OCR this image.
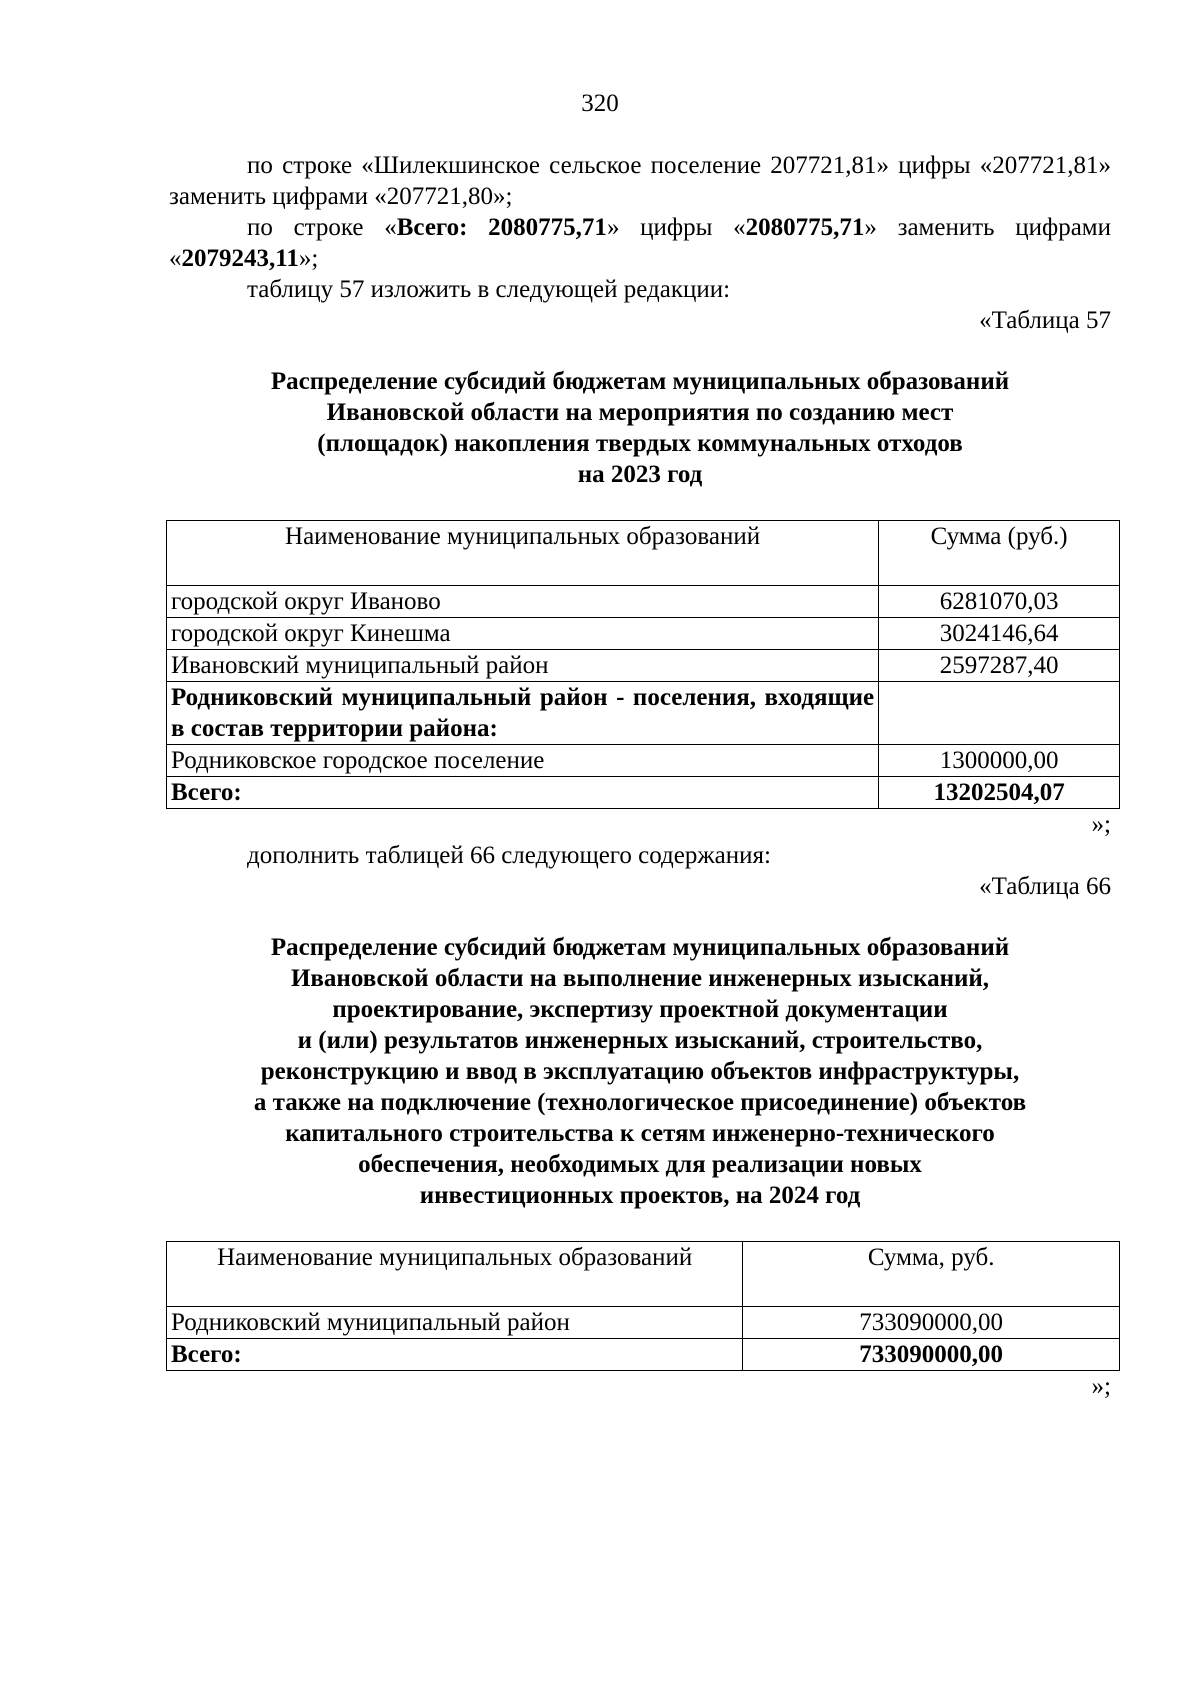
320

по строке «Шилекшинское сельское поселение 207721,81» цифры «207721,81» заменить цифрами «207721,80»;

по строке «Всего: 2080775,71» цифры «2080775,71» заменить цифрами «2079243,11»;

таблицу 57 изложить в следующей редакции:

«Таблица 57

Распределение субсидий бюджетам муниципальных образований

Ивановской области на мероприятия по созданию мест

(площадок) накопления твердых коммунальных отходов

на 2023 год

Наименование муниципальных образований	Сумма (руб.)
городской округ Иваново	6281070,03
городской округ Кинешма	3024146,64
Ивановский муниципальный район	2597287,40
Родниковский муниципальный район - поселения, входящие в состав территории района:	
Родниковское городское поселение	1300000,00
Всего:	13202504,07

»;

дополнить таблицей 66 следующего содержания:

«Таблица 66

Распределение субсидий бюджетам муниципальных образований

Ивановской области на выполнение инженерных изысканий,

проектирование, экспертизу проектной документации

и (или) результатов инженерных изысканий, строительство,

реконструкцию и ввод в эксплуатацию объектов инфраструктуры,

а также на подключение (технологическое присоединение) объектов

капитального строительства к сетям инженерно-технического

обеспечения, необходимых для реализации новых

инвестиционных проектов, на 2024 год

Наименование муниципальных образований	Сумма, руб.
Родниковский муниципальный район	733090000,00
Всего:	733090000,00

»;
